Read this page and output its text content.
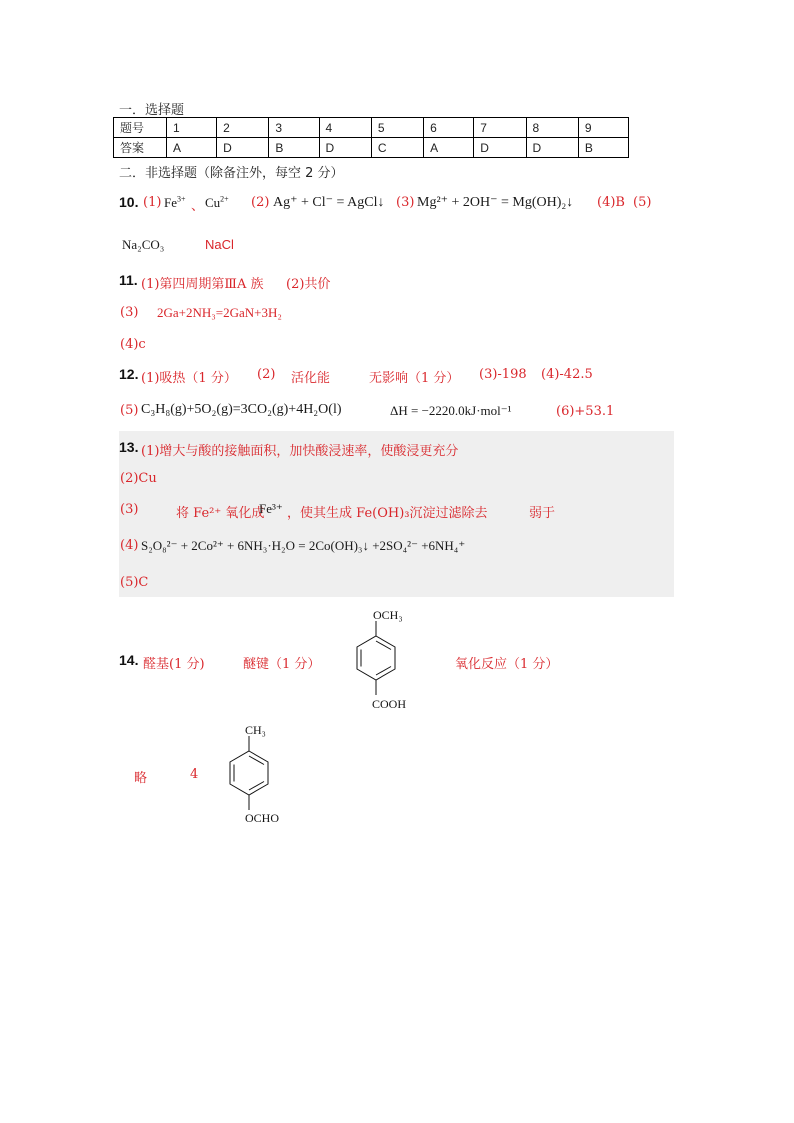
一．选择题
题号	1	2	3	4	5	6	7	8	9
答案	A	D	B	D	C	A	D	D	B
二．非选择题（除备注外，每空 2 分）
10. (1) $Fe^{3+}$ 、 $Cu^{2+}$ (2) Ag⁺ + Cl⁻ = AgCl↓ (3) Mg²⁺ + 2OH⁻ = Mg(OH)₂↓ (4)B (5)
Na₂CO₃	NaCl
11. (1)第四周期第ⅢA 族 (2)共价
(3) 2Ga+2NH₃=2GaN+3H₂
(4)c
12. (1)吸热（1 分） (2) 活化能	无影响（1 分） (3)-198 (4)-42.5
(5) C₃H₈(g)+5O₂(g)=3CO₂(g)+4H₂O(l)	ΔH = −2220.0kJ·mol⁻¹	(6)+53.1
13. (1)增大与酸的接触面积，加快酸浸速率，使酸浸更充分
(2)Cu
(3)	将 Fe²⁺ 氧化成
Fe³⁺ ，使其生成 Fe(OH)₃沉淀过滤除去	弱于
(4) S₂O₈²⁻ + 2Co²⁺ + 6NH₃·H₂O = 2Co(OH)₃↓ +2SO₄²⁻ +6NH₄⁺
(5)C
14. 醛基(1 分)	醚键（1 分）	氧化反应（1 分）
OCH₃
COOH
略	4
CH₃
OCHO
